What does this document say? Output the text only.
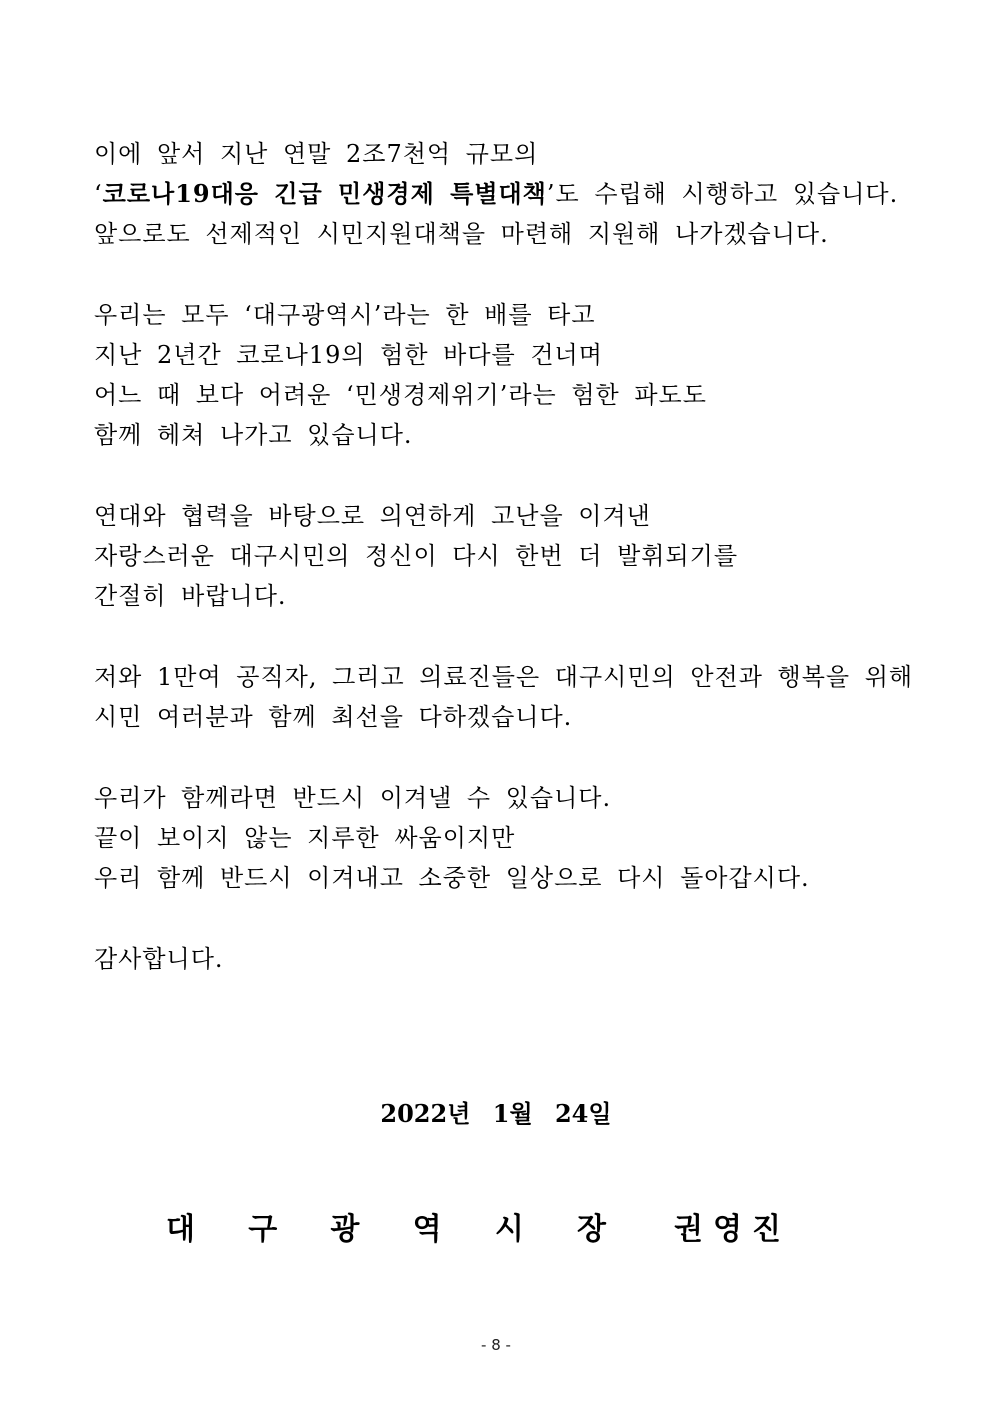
이에 앞서 지난 연말 2조7천억 규모의
‘코로나19대응 긴급 민생경제 특별대책’도 수립해 시행하고 있습니다.
앞으로도 선제적인 시민지원대책을 마련해 지원해 나가겠습니다.
우리는 모두 ‘대구광역시’라는 한 배를 타고
지난 2년간 코로나19의 험한 바다를 건너며
어느 때 보다 어려운 ‘민생경제위기’라는 험한 파도도
함께 헤쳐 나가고 있습니다.
연대와 협력을 바탕으로 의연하게 고난을 이겨낸
자랑스러운 대구시민의 정신이 다시 한번 더 발휘되기를
간절히 바랍니다.
저와 1만여 공직자, 그리고 의료진들은 대구시민의 안전과 행복을 위해
시민 여러분과 함께 최선을 다하겠습니다.
우리가 함께라면 반드시 이겨낼 수 있습니다.
끝이 보이지 않는 지루한 싸움이지만
우리 함께 반드시 이겨내고 소중한 일상으로 다시 돌아갑시다.
감사합니다.
2022년 1월 24일
대 구 광 역 시 장 권영진
- 8 -
